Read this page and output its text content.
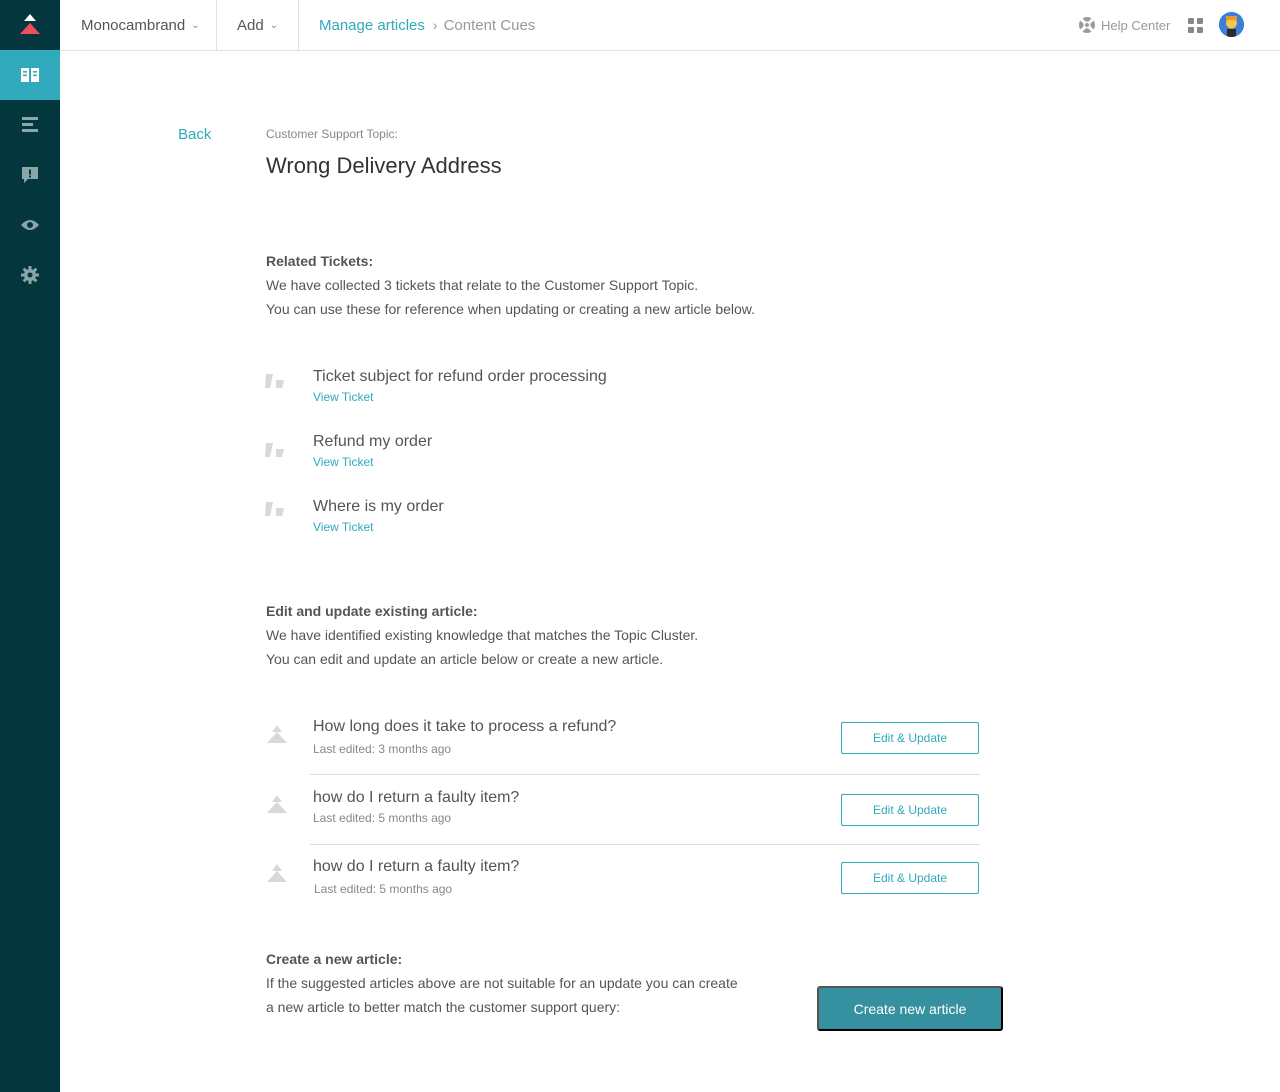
Monocambrand ⌄ Add ⌄	Manage articles › Content Cues	Help Center
Back	Customer Support Topic:
Wrong Delivery Address
Related Tickets:
We have collected 3 tickets that relate to the Customer Support Topic.
You can use these for reference when updating or creating a new article below.
Ticket subject for refund order processing
View Ticket
Refund my order
View Ticket
Where is my order
View Ticket
Edit and update existing article:
We have identified existing knowledge that matches the Topic Cluster.
You can edit and update an article below or create a new article.
How long does it take to process a refund?
Last edited: 3 months ago
Edit & Update
how do I return a faulty item?
Last edited: 5 months ago
Edit & Update
how do I return a faulty item?
Last edited: 5 months ago
Edit & Update
Create a new article:
If the suggested articles above are not suitable for an update you can create
a new article to better match the customer support query:	Create new article
